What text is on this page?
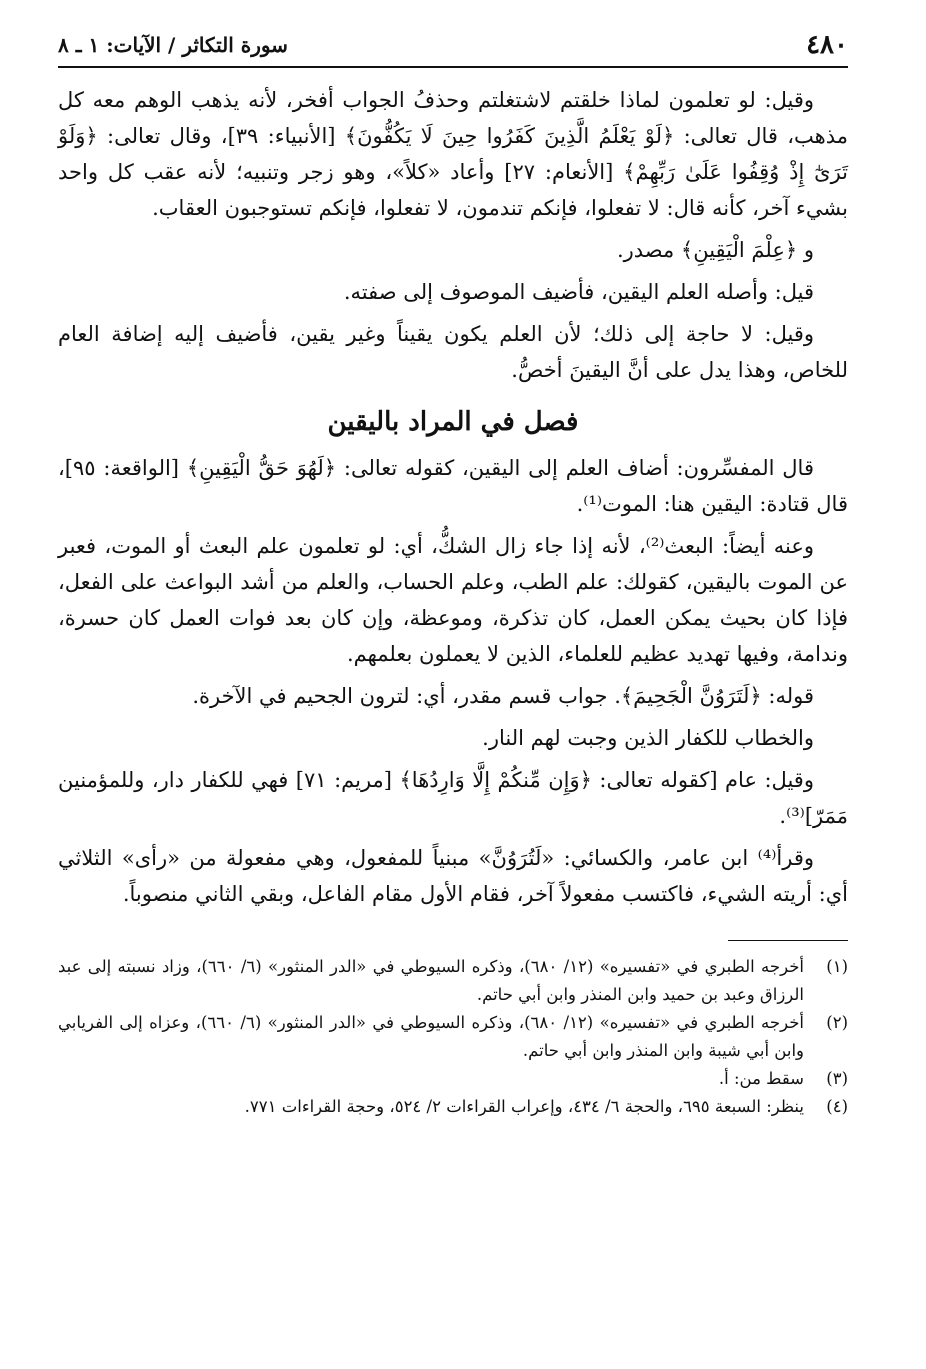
٤٨٠
سورة التكاثر / الآيات: ١ ـ ٨

وقيل: لو تعلمون لماذا خلقتم لاشتغلتم وحذفُ الجواب أفخر، لأنه يذهب الوهم معه كل مذهب، قال تعالى: ﴿لَوْ يَعْلَمُ الَّذِينَ كَفَرُوا حِينَ لَا يَكُفُّونَ﴾ [الأنبياء: ٣٩]، وقال تعالى: ﴿وَلَوْ تَرَىٰٓ إِذْ وُقِفُوا عَلَىٰ رَبِّهِمْ﴾ [الأنعام: ٢٧] وأعاد «كلاً»، وهو زجر وتنبيه؛ لأنه عقب كل واحد بشيء آخر، كأنه قال: لا تفعلوا، فإنكم تندمون، لا تفعلوا، فإنكم تستوجبون العقاب.

و ﴿عِلْمَ الْيَقِينِ﴾ مصدر.

قيل: وأصله العلم اليقين، فأضيف الموصوف إلى صفته.

وقيل: لا حاجة إلى ذلك؛ لأن العلم يكون يقيناً وغير يقين، فأضيف إليه إضافة العام للخاص، وهذا يدل على أنَّ اليقينَ أخصُّ.

فصل في المراد باليقين

قال المفسِّرون: أضاف العلم إلى اليقين، كقوله تعالى: ﴿لَهُوَ حَقُّ الْيَقِينِ﴾ [الواقعة: ٩٥]، قال قتادة: اليقين هنا: الموت⁽¹⁾.

وعنه أيضاً: البعث⁽²⁾، لأنه إذا جاء زال الشكُّ، أي: لو تعلمون علم البعث أو الموت، فعبر عن الموت باليقين، كقولك: علم الطب، وعلم الحساب، والعلم من أشد البواعث على الفعل، فإذا كان بحيث يمكن العمل، كان تذكرة، وموعظة، وإن كان بعد فوات العمل كان حسرة، وندامة، وفيها تهديد عظيم للعلماء، الذين لا يعملون بعلمهم.

قوله: ﴿لَتَرَوُنَّ الْجَحِيمَ﴾. جواب قسم مقدر، أي: لترون الجحيم في الآخرة.

والخطاب للكفار الذين وجبت لهم النار.

وقيل: عام [كقوله تعالى: ﴿وَإِن مِّنكُمْ إِلَّا وَارِدُهَا﴾ [مريم: ٧١] فهي للكفار دار، وللمؤمنين مَمَرّ]⁽³⁾.

وقرأ⁽⁴⁾ ابن عامر، والكسائي: «لَتُرَوُنَّ» مبنياً للمفعول، وهي مفعولة من «رأى» الثلاثي أي: أريته الشيء، فاكتسب مفعولاً آخر، فقام الأول مقام الفاعل، وبقي الثاني منصوباً.

(١)
أخرجه الطبري في «تفسيره» (١٢/ ٦٨٠)، وذكره السيوطي في «الدر المنثور» (٦/ ٦٦٠)، وزاد نسبته إلى عبد الرزاق وعبد بن حميد وابن المنذر وابن أبي حاتم.
(٢)
أخرجه الطبري في «تفسيره» (١٢/ ٦٨٠)، وذكره السيوطي في «الدر المنثور» (٦/ ٦٦٠)، وعزاه إلى الفريابي وابن أبي شيبة وابن المنذر وابن أبي حاتم.
(٣)
سقط من: أ.
(٤)
ينظر: السبعة ٦٩٥، والحجة ٦/ ٤٣٤، وإعراب القراءات ٢/ ٥٢٤، وحجة القراءات ٧٧١.
